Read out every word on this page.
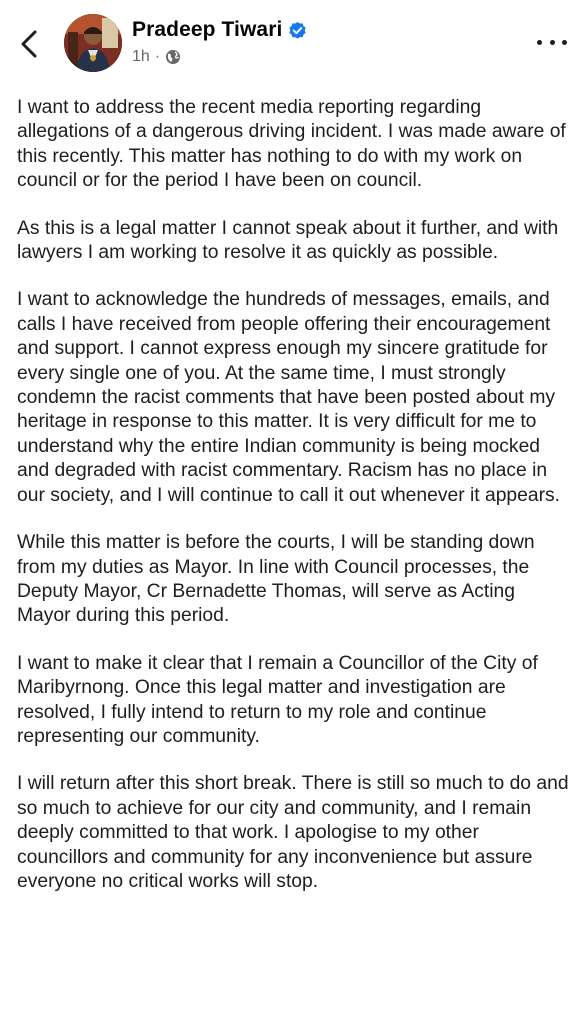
Pradeep Tiwari
1h ·

I want to address the recent media reporting regarding allegations of a dangerous driving incident. I was made aware of this recently. This matter has nothing to do with my work on council or for the period I have been on council.

As this is a legal matter I cannot speak about it further, and with lawyers I am working to resolve it as quickly as possible.

I want to acknowledge the hundreds of messages, emails, and calls I have received from people offering their encouragement and support. I cannot express enough my sincere gratitude for every single one of you. At the same time, I must strongly condemn the racist comments that have been posted about my heritage in response to this matter. It is very difficult for me to understand why the entire Indian community is being mocked and degraded with racist commentary. Racism has no place in our society, and I will continue to call it out whenever it appears.

While this matter is before the courts, I will be standing down from my duties as Mayor. In line with Council processes, the Deputy Mayor, Cr Bernadette Thomas, will serve as Acting Mayor during this period.

I want to make it clear that I remain a Councillor of the City of Maribyrnong. Once this legal matter and investigation are resolved, I fully intend to return to my role and continue representing our community.

I will return after this short break. There is still so much to do and so much to achieve for our city and community, and I remain deeply committed to that work. I apologise to my other councillors and community for any inconvenience but assure everyone no critical works will stop.
